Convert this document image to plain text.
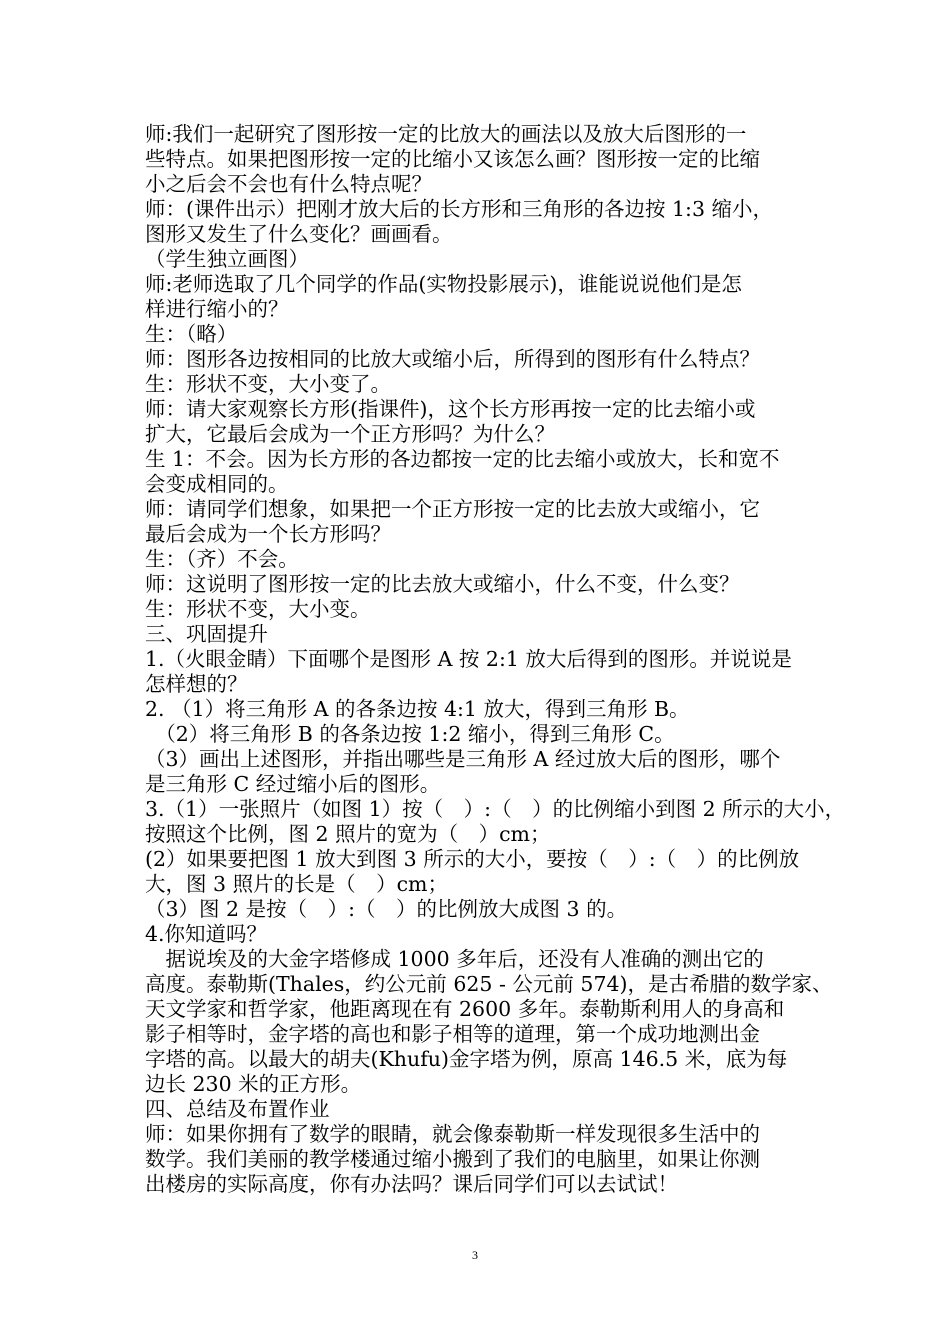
师:我们一起研究了图形按一定的比放大的画法以及放大后图形的一
些特点。如果把图形按一定的比缩小又该怎么画？图形按一定的比缩
小之后会不会也有什么特点呢？
师：(课件出示）把刚才放大后的长方形和三角形的各边按 1:3 缩小，
图形又发生了什么变化？画画看。
（学生独立画图）
师:老师选取了几个同学的作品(实物投影展示)，谁能说说他们是怎
样进行缩小的？
生：（略）
师：图形各边按相同的比放大或缩小后，所得到的图形有什么特点？
生：形状不变，大小变了。
师：请大家观察长方形(指课件)，这个长方形再按一定的比去缩小或
扩大，它最后会成为一个正方形吗？为什么？
生 1：不会。因为长方形的各边都按一定的比去缩小或放大，长和宽不
会变成相同的。
师：请同学们想象，如果把一个正方形按一定的比去放大或缩小，它
最后会成为一个长方形吗？
生：（齐）不会。
师：这说明了图形按一定的比去放大或缩小，什么不变，什么变？
生：形状不变，大小变。
三、巩固提升
1.（火眼金睛）下面哪个是图形 A 按 2:1 放大后得到的图形。并说说是
怎样想的？
2. （1）将三角形 A 的各条边按 4:1 放大，得到三角形 B。
　（2）将三角形 B 的各条边按 1:2 缩小，得到三角形 C。
（3）画出上述图形，并指出哪些是三角形 A 经过放大后的图形，哪个
是三角形 C 经过缩小后的图形。
3.（1）一张照片（如图 1）按（　）:（　）的比例缩小到图 2 所示的大小，
按照这个比例，图 2 照片的宽为（　）cm；
(2）如果要把图 1 放大到图 3 所示的大小，要按（　）:（　）的比例放
大，图 3 照片的长是（　）cm；
（3）图 2 是按（　）:（　）的比例放大成图 3 的。
4.你知道吗？
　据说埃及的大金字塔修成 1000 多年后，还没有人准确的测出它的
高度。泰勒斯(Thales，约公元前 625 - 公元前 574)，是古希腊的数学家、
天文学家和哲学家，他距离现在有 2600 多年。泰勒斯利用人的身高和
影子相等时，金字塔的高也和影子相等的道理，第一个成功地测出金
字塔的高。以最大的胡夫(Khufu)金字塔为例，原高 146.5 米，底为每
边长 230 米的正方形。
四、总结及布置作业
师：如果你拥有了数学的眼睛，就会像泰勒斯一样发现很多生活中的
数学。我们美丽的教学楼通过缩小搬到了我们的电脑里，如果让你测
出楼房的实际高度，你有办法吗？课后同学们可以去试试！
3
